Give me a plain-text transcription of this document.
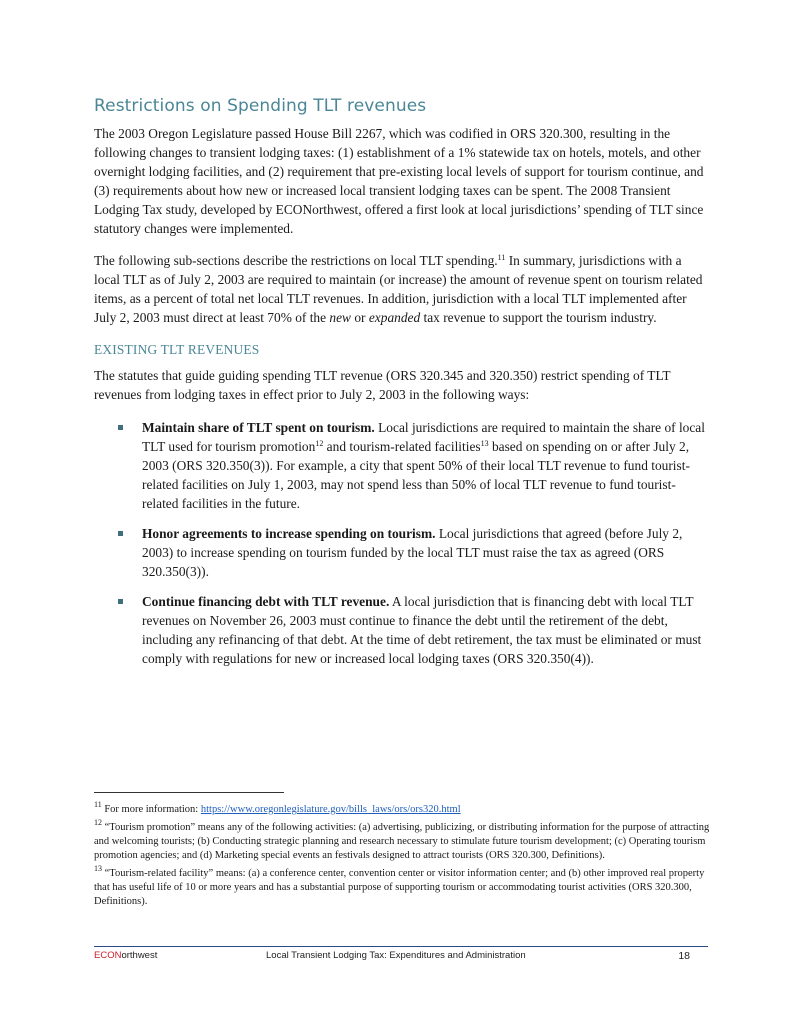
Restrictions on Spending TLT revenues

The 2003 Oregon Legislature passed House Bill 2267, which was codified in ORS 320.300, resulting in the following changes to transient lodging taxes: (1) establishment of a 1% statewide tax on hotels, motels, and other overnight lodging facilities, and (2) requirement that pre-existing local levels of support for tourism continue, and (3) requirements about how new or increased local transient lodging taxes can be spent. The 2008 Transient Lodging Tax study, developed by ECONorthwest, offered a first look at local jurisdictions’ spending of TLT since statutory changes were implemented.

The following sub-sections describe the restrictions on local TLT spending.$^{11}$ In summary, jurisdictions with a local TLT as of July 2, 2003 are required to maintain (or increase) the amount of revenue spent on tourism related items, as a percent of total net local TLT revenues. In addition, jurisdiction with a local TLT implemented after July 2, 2003 must direct at least 70% of the new or expanded tax revenue to support the tourism industry.

EXISTING TLT REVENUES

The statutes that guide guiding spending TLT revenue (ORS 320.345 and 320.350) restrict spending of TLT revenues from lodging taxes in effect prior to July 2, 2003 in the following ways:

Maintain share of TLT spent on tourism. Local jurisdictions are required to maintain the share of local TLT used for tourism promotion$^{12}$ and tourism-related facilities$^{13}$ based on spending on or after July 2, 2003 (ORS 320.350(3)). For example, a city that spent 50% of their local TLT revenue to fund tourist-related facilities on July 1, 2003, may not spend less than 50% of local TLT revenue to fund tourist-related facilities in the future.
Honor agreements to increase spending on tourism. Local jurisdictions that agreed (before July 2, 2003) to increase spending on tourism funded by the local TLT must raise the tax as agreed (ORS 320.350(3)).
Continue financing debt with TLT revenue. A local jurisdiction that is financing debt with local TLT revenues on November 26, 2003 must continue to finance the debt until the retirement of the debt, including any refinancing of that debt. At the time of debt retirement, the tax must be eliminated or must comply with regulations for new or increased local lodging taxes (ORS 320.350(4)).

$^{11}$ For more information: https://www.oregonlegislature.gov/bills_laws/ors/ors320.html

$^{12}$ “Tourism promotion” means any of the following activities: (a) advertising, publicizing, or distributing information for the purpose of attracting and welcoming tourists; (b) Conducting strategic planning and research necessary to stimulate future tourism development; (c) Operating tourism promotion agencies; and (d) Marketing special events an festivals designed to attract tourists (ORS 320.300, Definitions).

$^{13}$ “Tourism-related facility” means: (a) a conference center, convention center or visitor information center; and (b) other improved real property that has useful life of 10 or more years and has a substantial purpose of supporting tourism or accommodating tourist activities (ORS 320.300, Definitions).

ECONorthwest	Local Transient Lodging Tax: Expenditures and Administration	18
